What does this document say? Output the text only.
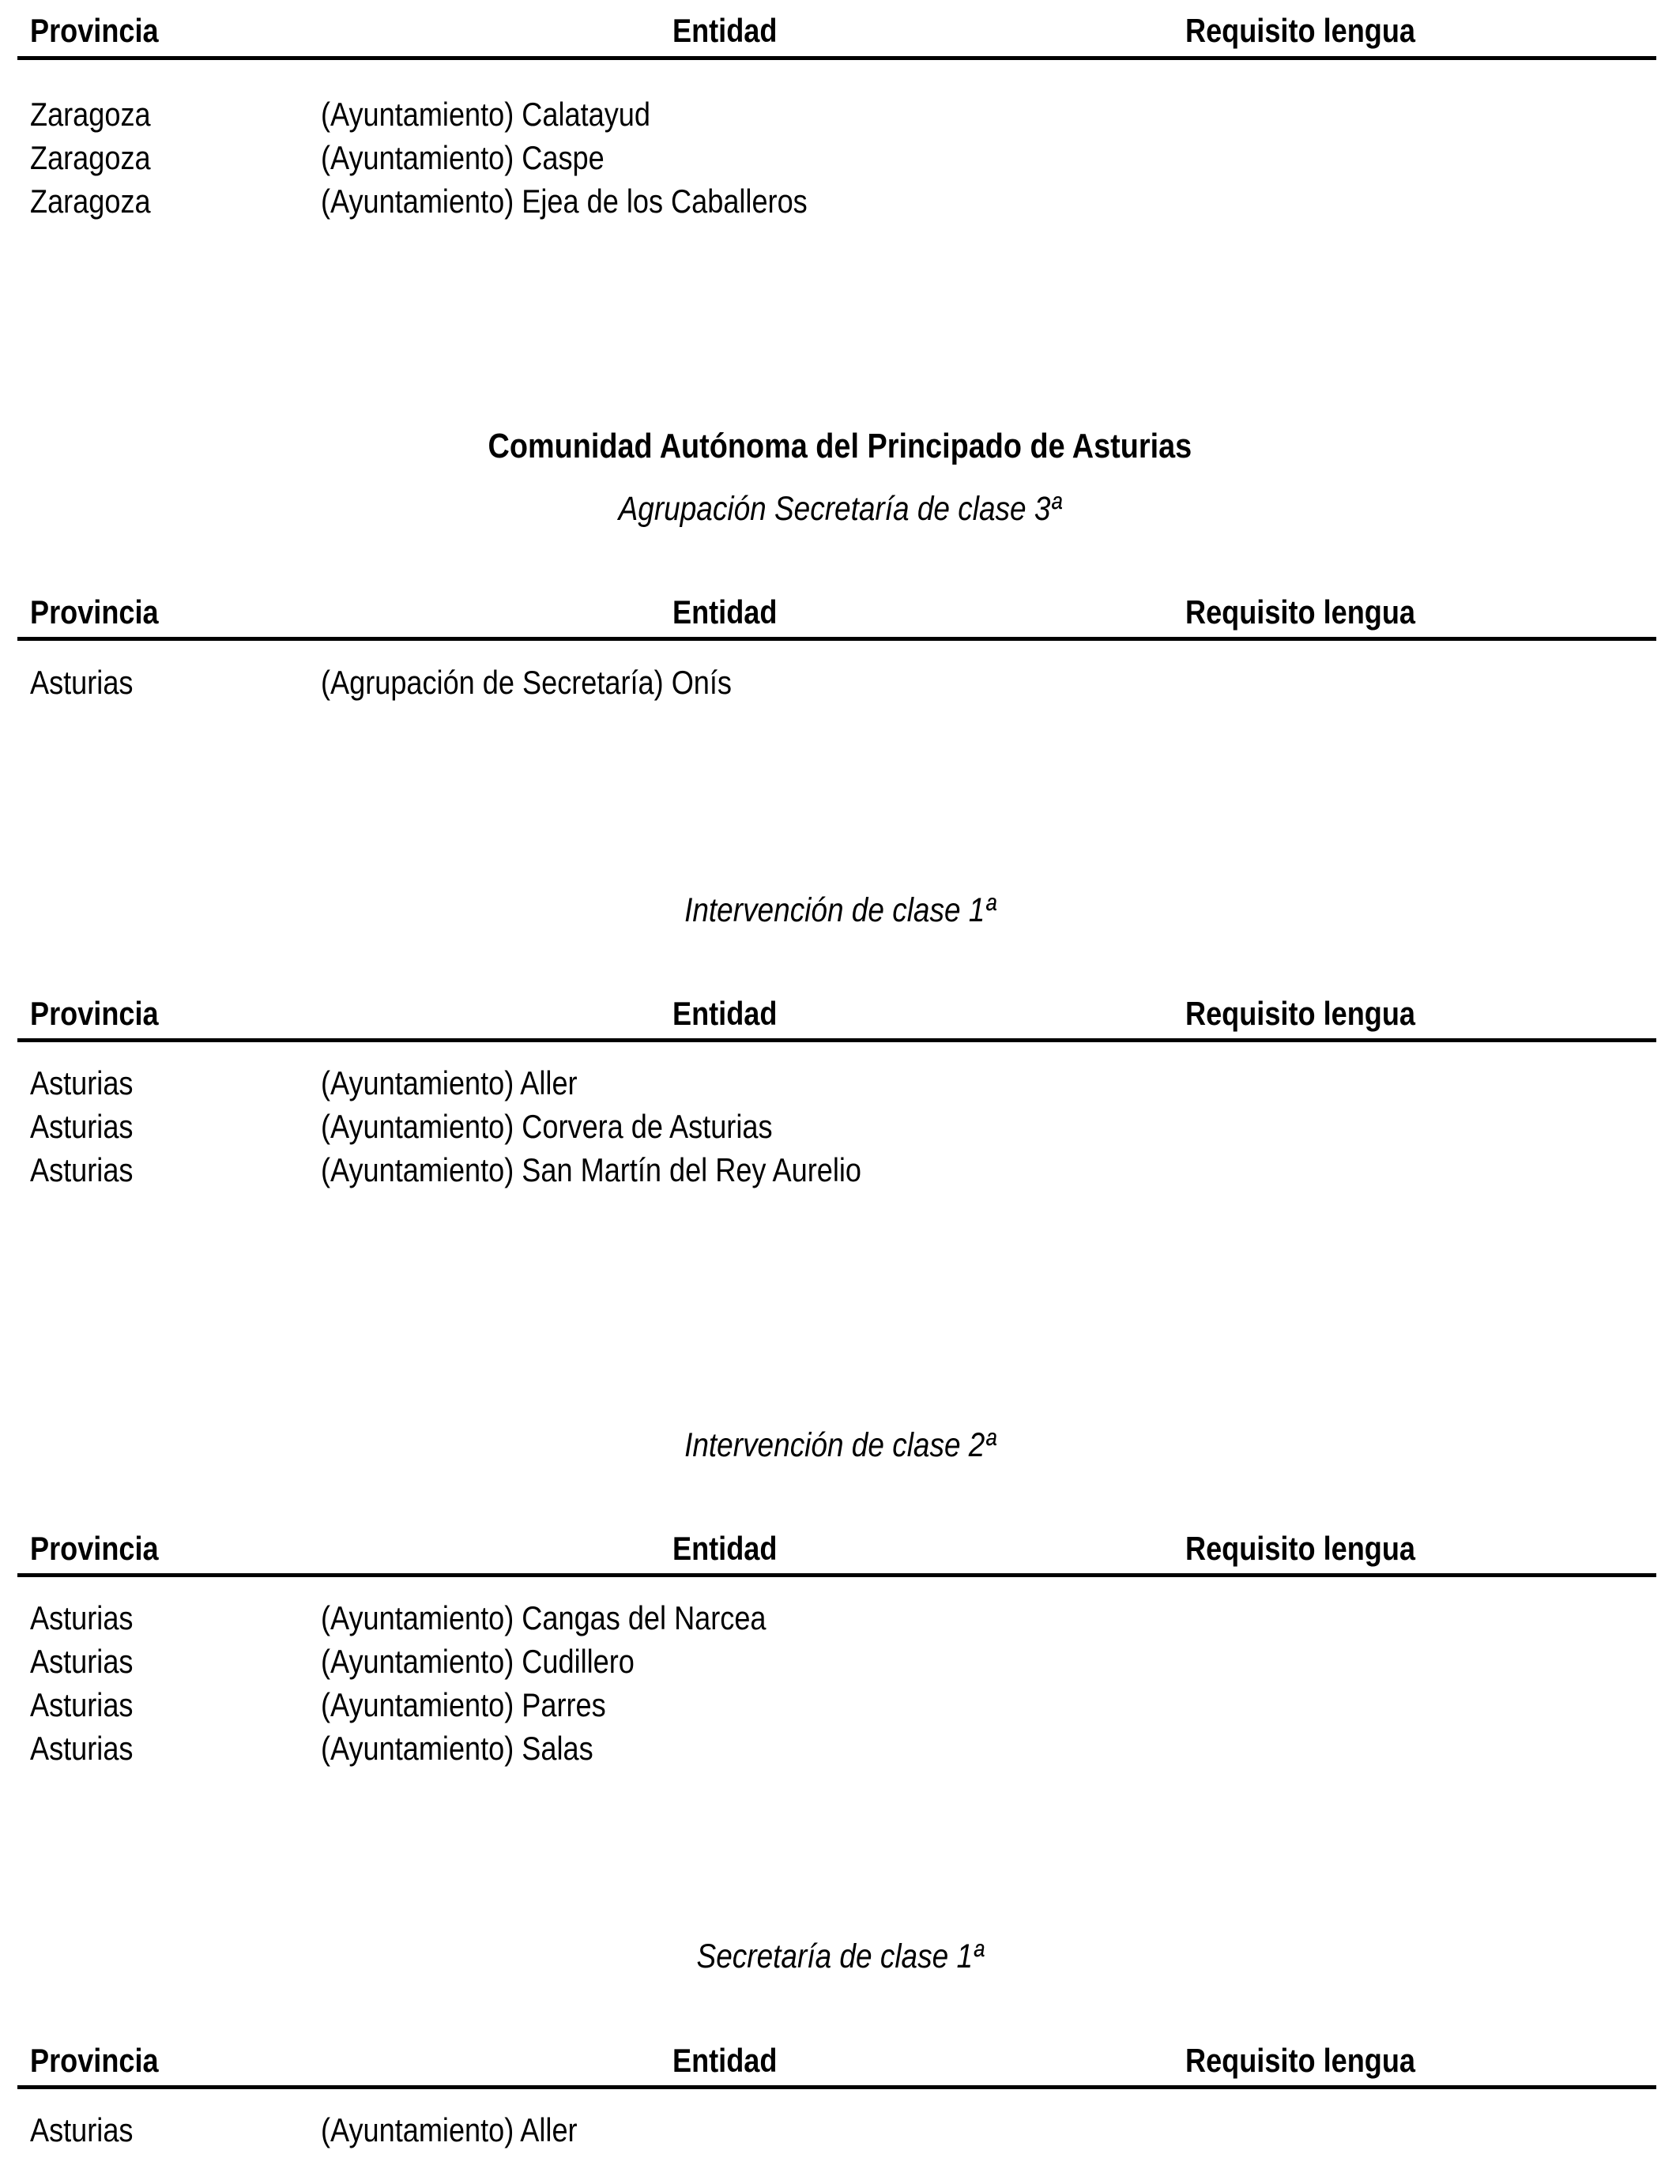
Provincia	Entidad	Requisito lengua
Zaragoza	(Ayuntamiento) Calatayud
Zaragoza	(Ayuntamiento) Caspe
Zaragoza	(Ayuntamiento) Ejea de los Caballeros
Comunidad Autónoma del Principado de Asturias
Agrupación Secretaría de clase 3ª
Provincia	Entidad	Requisito lengua
Asturias	(Agrupación de Secretaría) Onís
Intervención de clase 1ª
Provincia	Entidad	Requisito lengua
Asturias	(Ayuntamiento) Aller
Asturias	(Ayuntamiento) Corvera de Asturias
Asturias	(Ayuntamiento) San Martín del Rey Aurelio
Intervención de clase 2ª
Provincia	Entidad	Requisito lengua
Asturias	(Ayuntamiento) Cangas del Narcea
Asturias	(Ayuntamiento) Cudillero
Asturias	(Ayuntamiento) Parres
Asturias	(Ayuntamiento) Salas
Secretaría de clase 1ª
Provincia	Entidad	Requisito lengua
Asturias	(Ayuntamiento) Aller
